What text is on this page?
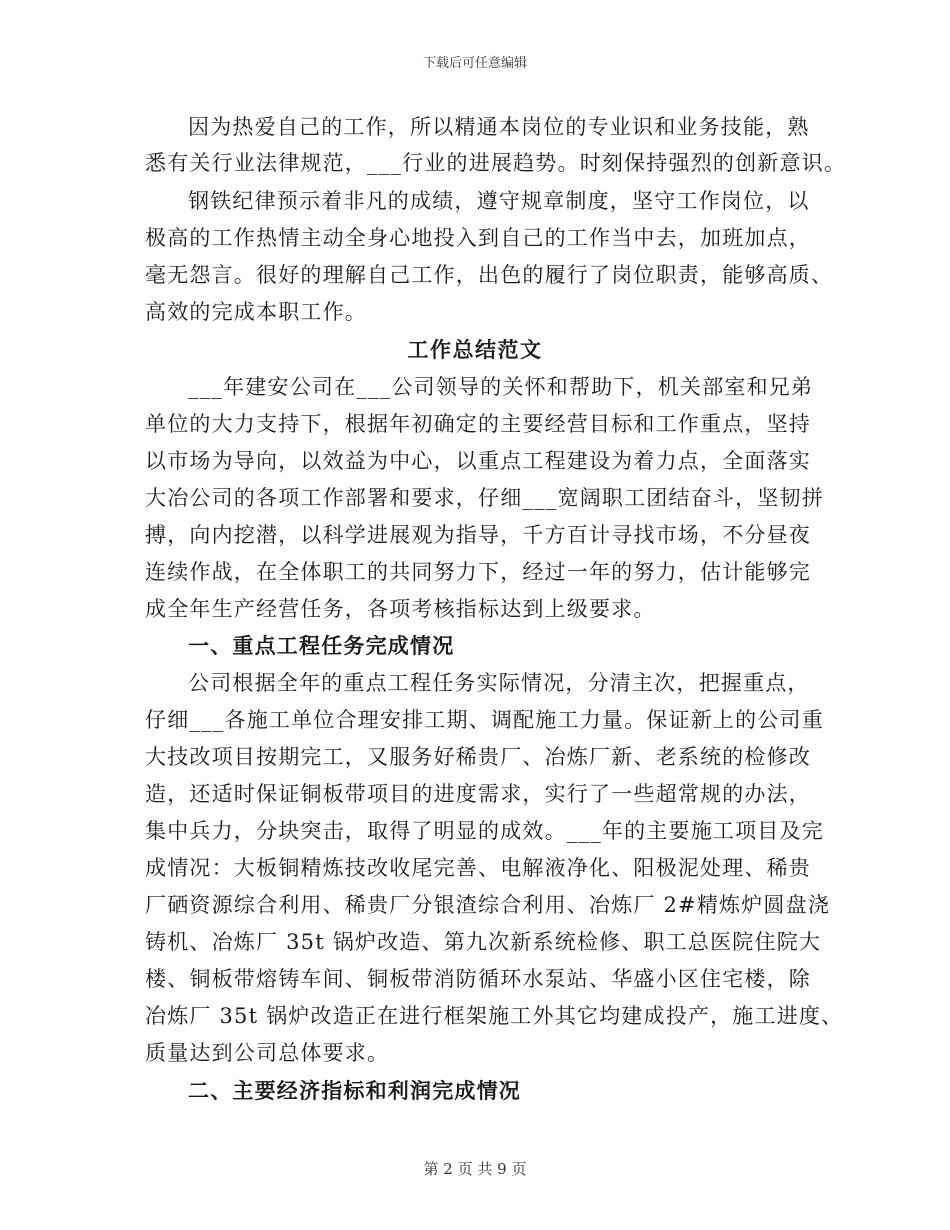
下载后可任意编辑
因为热爱自己的工作，所以精通本岗位的专业识和业务技能，熟
悉有关行业法律规范，___行业的进展趋势。时刻保持强烈的创新意识。
钢铁纪律预示着非凡的成绩，遵守规章制度，坚守工作岗位，以
极高的工作热情主动全身心地投入到自己的工作当中去，加班加点，
毫无怨言。很好的理解自己工作，出色的履行了岗位职责，能够高质、
高效的完成本职工作。
工作总结范文
___年建安公司在___公司领导的关怀和帮助下，机关部室和兄弟
单位的大力支持下，根据年初确定的主要经营目标和工作重点，坚持
以市场为导向，以效益为中心，以重点工程建设为着力点，全面落实
大冶公司的各项工作部署和要求，仔细___宽阔职工团结奋斗，坚韧拼
搏，向内挖潜，以科学进展观为指导，千方百计寻找市场，不分昼夜
连续作战，在全体职工的共同努力下，经过一年的努力，估计能够完
成全年生产经营任务，各项考核指标达到上级要求。
一、重点工程任务完成情况
公司根据全年的重点工程任务实际情况，分清主次，把握重点，
仔细___各施工单位合理安排工期、调配施工力量。保证新上的公司重
大技改项目按期完工，又服务好稀贵厂、冶炼厂新、老系统的检修改
造，还适时保证铜板带项目的进度需求，实行了一些超常规的办法，
集中兵力，分块突击，取得了明显的成效。___年的主要施工项目及完
成情况：大板铜精炼技改收尾完善、电解液净化、阳极泥处理、稀贵
厂硒资源综合利用、稀贵厂分银渣综合利用、冶炼厂 2#精炼炉圆盘浇
铸机、冶炼厂 35t 锅炉改造、第九次新系统检修、职工总医院住院大
楼、铜板带熔铸车间、铜板带消防循环水泵站、华盛小区住宅楼，除
冶炼厂 35t 锅炉改造正在进行框架施工外其它均建成投产，施工进度、
质量达到公司总体要求。
二、主要经济指标和利润完成情况
第 2 页 共 9 页
